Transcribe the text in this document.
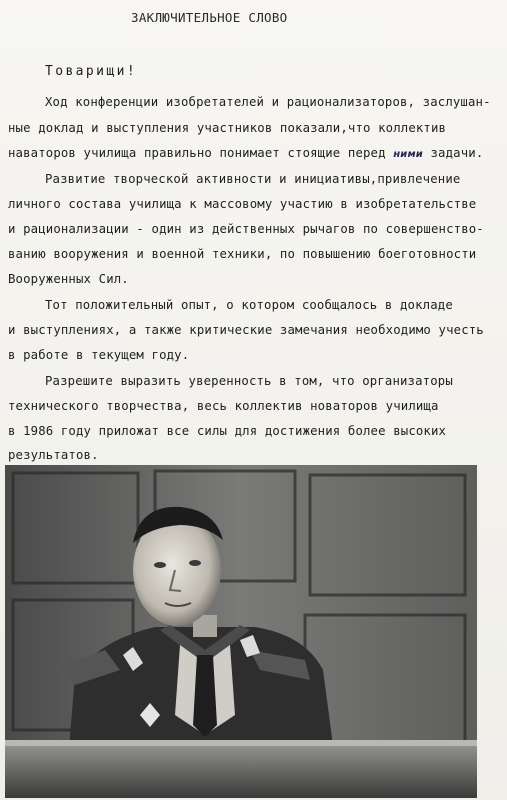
ЗАКЛЮЧИТЕЛЬНОЕ СЛОВО
Товарищи!
Ход конференции изобретателей и рационализаторов, заслушан-
ные доклад и выступления участников показали,что коллектив
наваторов училища правильно понимает стоящие перед ними задачи.
Развитие творческой активности и инициативы,привлечение
личного состава училища к массовому участию в изобретательстве
и рационализации - один из действенных рычагов по совершенство-
ванию вооружения и военной техники, по повышению боеготовности
Вооруженных Сил.
Тот положительный опыт, о котором сообщалось в докладе
и выступлениях, а также критические замечания необходимо учесть
в работе в текущем году.
Разрешите выразить уверенность в том, что организаторы
технического творчества, весь коллектив новаторов училища
в 1986 году приложат все силы для достижения более высоких
результатов.
